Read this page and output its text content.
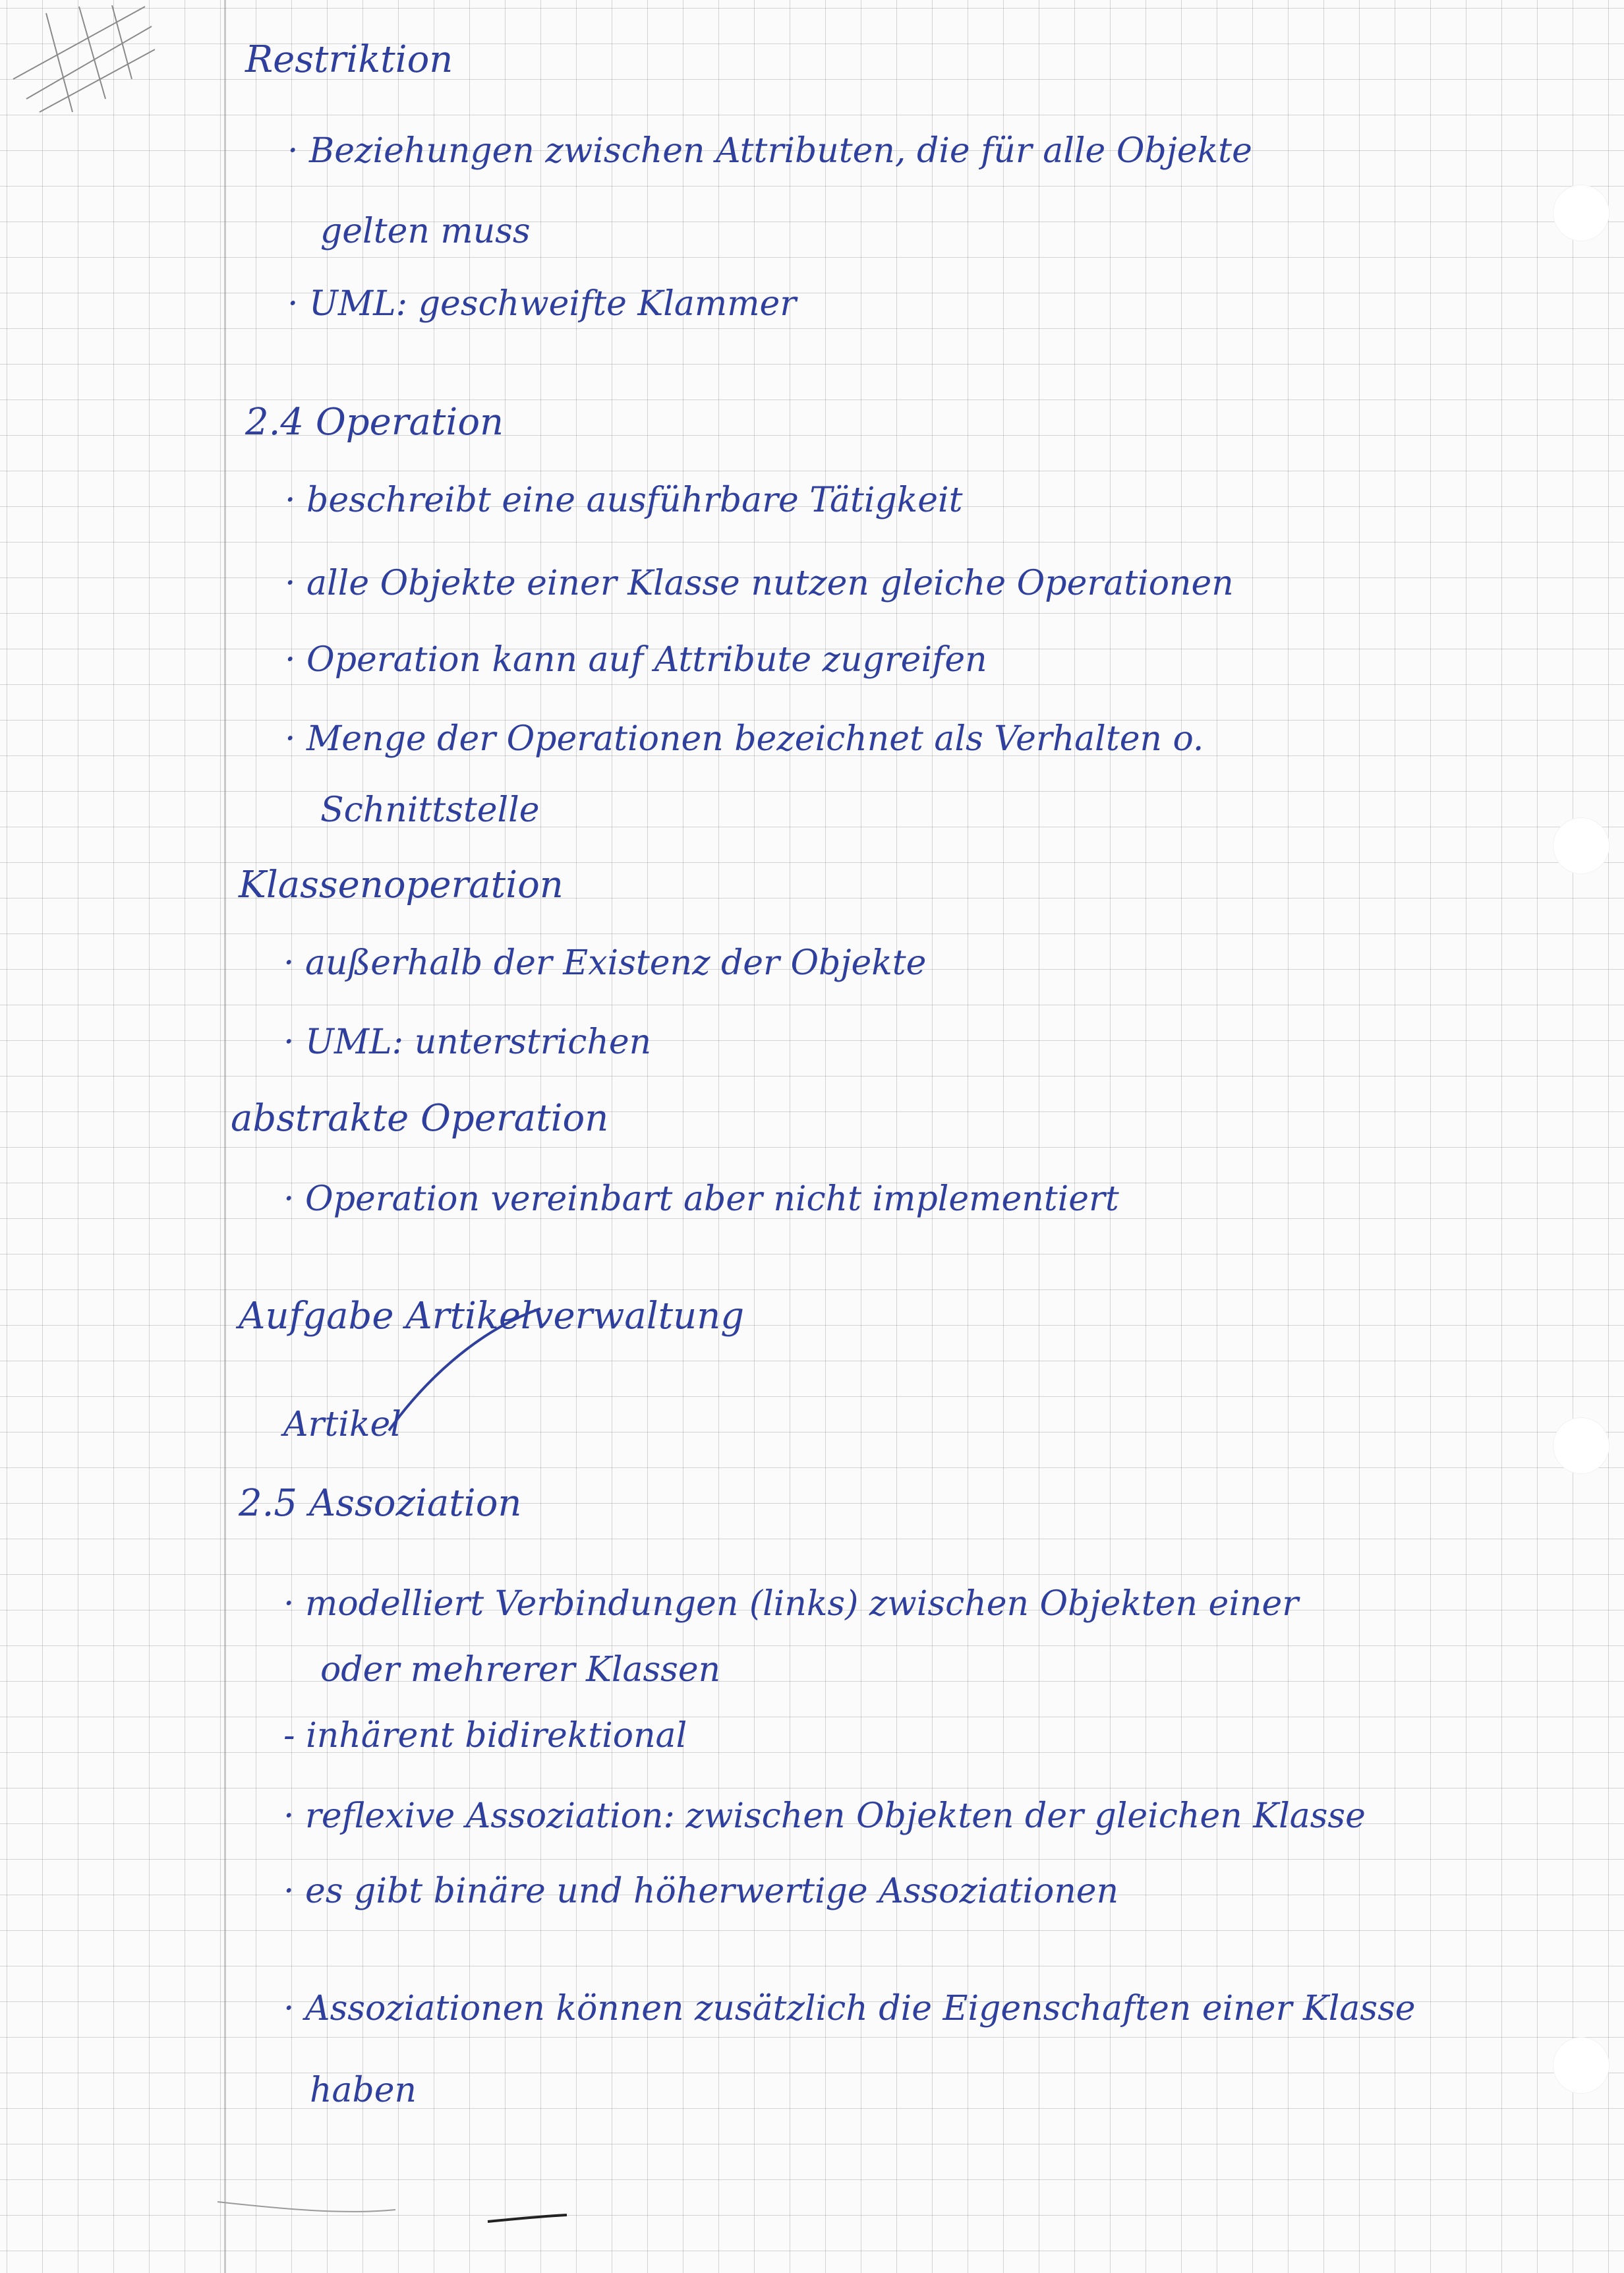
Restriktion

· Beziehungen zwischen Attributen, die für alle Objekte

gelten muss

· UML: geschweifte Klammer

2.4 Operation

· beschreibt eine ausführbare Tätigkeit

· alle Objekte einer Klasse nutzen gleiche Operationen

· Operation kann auf Attribute zugreifen

· Menge der Operationen bezeichnet als Verhalten o.

Schnittstelle

Klassenoperation

· außerhalb der Existenz der Objekte

· UML: unterstrichen

abstrakte Operation

· Operation vereinbart aber nicht implementiert

Aufgabe Artikelverwaltung

Artikel

2.5 Assoziation

· modelliert Verbindungen (links) zwischen Objekten einer

oder mehrerer Klassen

- inhärent bidirektional

· reflexive Assoziation: zwischen Objekten der gleichen Klasse

· es gibt binäre und höherwertige Assoziationen

· Assoziationen können zusätzlich die Eigenschaften einer Klasse

haben
